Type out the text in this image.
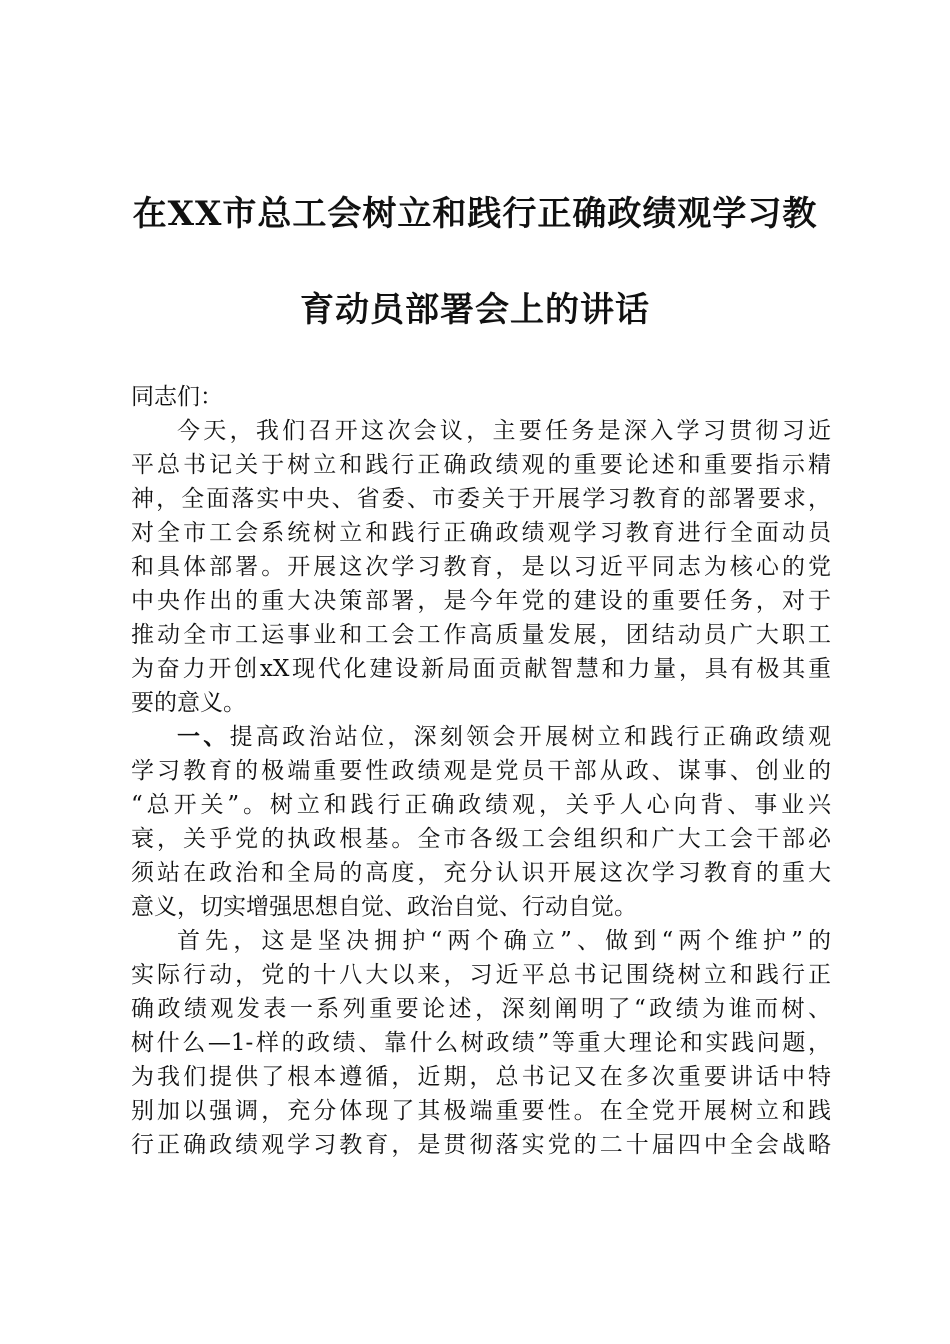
在XX市总工会树立和践行正确政绩观学习教
育动员部署会上的讲话
同志们：
今天，我们召开这次会议，主要任务是深入学习贯彻习近
平总书记关于树立和践行正确政绩观的重要论述和重要指示精
神，全面落实中央、省委、市委关于开展学习教育的部署要求，
对全市工会系统树立和践行正确政绩观学习教育进行全面动员
和具体部署。开展这次学习教育，是以习近平同志为核心的党
中央作出的重大决策部署，是今年党的建设的重要任务，对于
推动全市工运事业和工会工作高质量发展，团结动员广大职工
为奋力开创xX现代化建设新局面贡献智慧和力量，具有极其重
要的意义。
一、提高政治站位，深刻领会开展树立和践行正确政绩观
学习教育的极端重要性政绩观是党员干部从政、谋事、创业的
“总开关”。树立和践行正确政绩观，关乎人心向背、事业兴
衰，关乎党的执政根基。全市各级工会组织和广大工会干部必
须站在政治和全局的高度，充分认识开展这次学习教育的重大
意义，切实增强思想自觉、政治自觉、行动自觉。
首先，这是坚决拥护“两个确立”、做到“两个维护”的
实际行动，党的十八大以来，习近平总书记围绕树立和践行正
确政绩观发表一系列重要论述，深刻阐明了“政绩为谁而树、
树什么—1-样的政绩、靠什么树政绩”等重大理论和实践问题，
为我们提供了根本遵循，近期，总书记又在多次重要讲话中特
别加以强调，充分体现了其极端重要性。在全党开展树立和践
行正确政绩观学习教育，是贯彻落实党的二十届四中全会战略
